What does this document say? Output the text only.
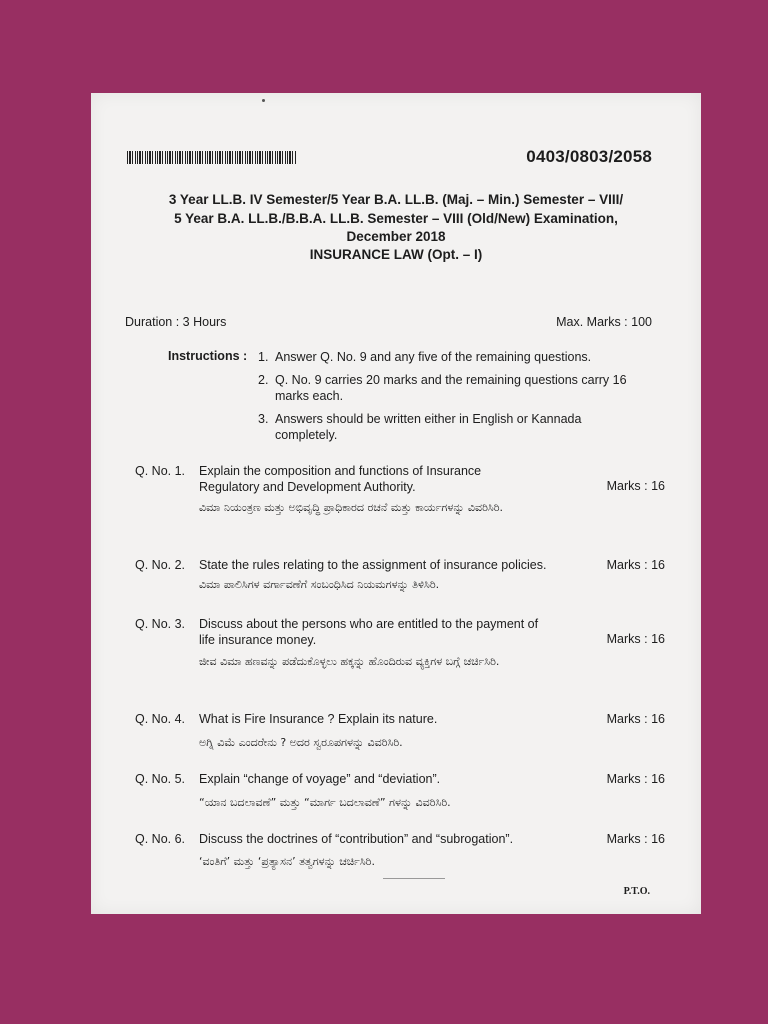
0403/0803/2058
3 Year LL.B. IV Semester/5 Year B.A. LL.B. (Maj. – Min.) Semester – VIII/
5 Year B.A. LL.B./B.B.A. LL.B. Semester – VIII (Old/New) Examination,
December 2018
INSURANCE LAW (Opt. – I)
Duration : 3 Hours	Max. Marks : 100
Instructions : 1. Answer Q. No. 9 and any five of the remaining questions.
2. Q. No. 9 carries 20 marks and the remaining questions carry 16 marks each.
3. Answers should be written either in English or Kannada completely.
Q. No. 1. Explain the composition and functions of Insurance Regulatory and Development Authority.	Marks : 16
ವಿಮಾ ನಿಯಂತ್ರಣ ಮತ್ತು ಅಭಿವೃದ್ಧಿ ಪ್ರಾಧಿಕಾರದ ರಚನೆ ಮತ್ತು ಕಾರ್ಯಗಳನ್ನು ವಿವರಿಸಿರಿ.
Q. No. 2. State the rules relating to the assignment of insurance policies.	Marks : 16
ವಿಮಾ ಪಾಲಿಸಿಗಳ ವರ್ಗಾವಣೆಗೆ ಸಂಬಂಧಿಸಿದ ನಿಯಮಗಳನ್ನು ತಿಳಿಸಿರಿ.
Q. No. 3. Discuss about the persons who are entitled to the payment of life insurance money.	Marks : 16
ಜೀವ ವಿಮಾ ಹಣವನ್ನು ಪಡೆದುಕೊಳ್ಳಲು ಹಕ್ಕನ್ನು ಹೊಂದಿರುವ ವ್ಯಕ್ತಿಗಳ ಬಗ್ಗೆ ಚರ್ಚಿಸಿರಿ.
Q. No. 4. What is Fire Insurance ? Explain its nature.	Marks : 16
ಅಗ್ನಿ ವಿಮೆ ಎಂದರೇನು ? ಅದರ ಸ್ವರೂಪಗಳನ್ನು ವಿವರಿಸಿರಿ.
Q. No. 5. Explain “change of voyage” and “deviation”.	Marks : 16
“ಯಾನ ಬದಲಾವಣೆ” ಮತ್ತು “ಮಾರ್ಗ ಬದಲಾವಣೆ” ಗಳನ್ನು ವಿವರಿಸಿರಿ.
Q. No. 6. Discuss the doctrines of “contribution” and “subrogation”.	Marks : 16
‘ವಂತಿಗೆ’ ಮತ್ತು ‘ಪ್ರತ್ಯಾಸನ’ ತತ್ವಗಳನ್ನು ಚರ್ಚಿಸಿರಿ.
P.T.O.
